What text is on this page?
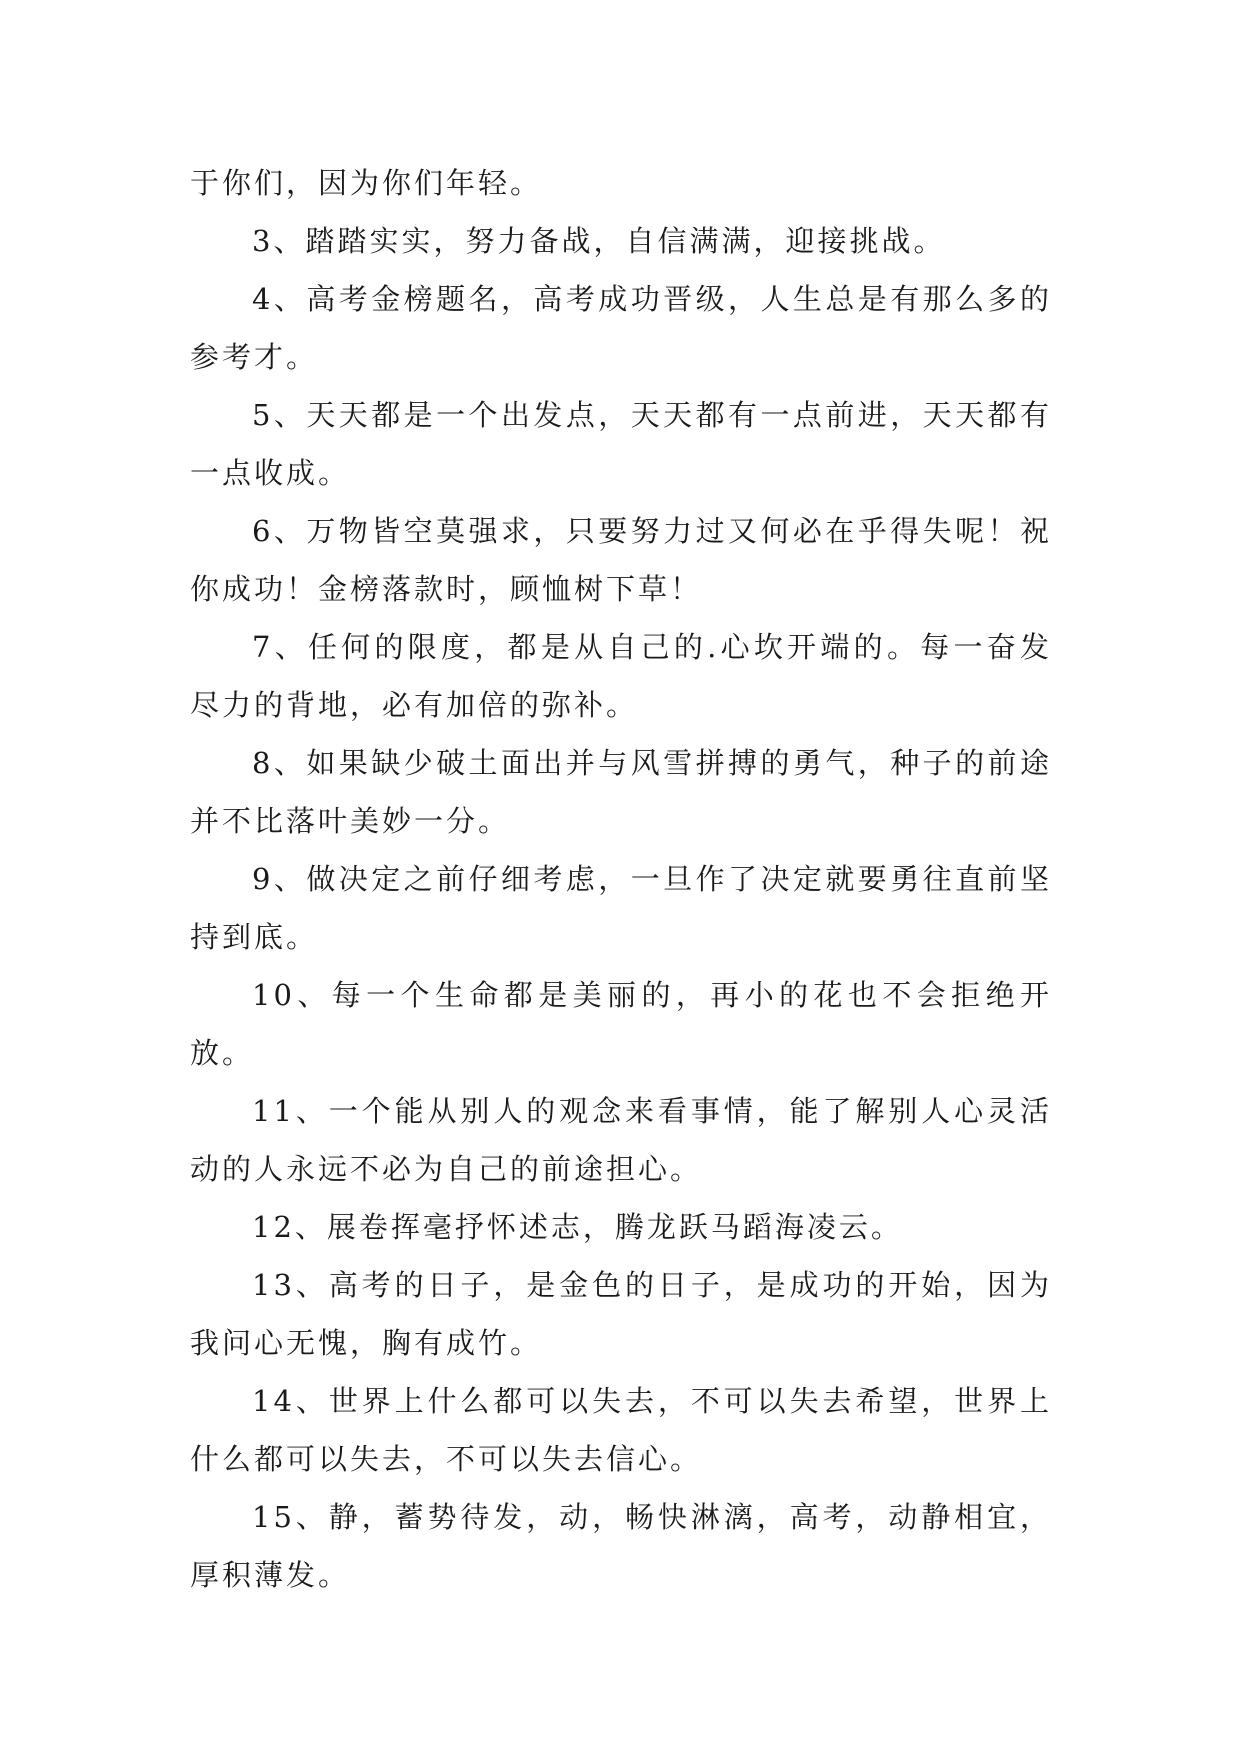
于你们，因为你们年轻。

3、踏踏实实，努力备战，自信满满，迎接挑战。

4、高考金榜题名，高考成功晋级，人生总是有那么多的参考才。

5、天天都是一个出发点，天天都有一点前进，天天都有一点收成。

6、万物皆空莫强求，只要努力过又何必在乎得失呢！祝你成功！金榜落款时，顾恤树下草！

7、任何的限度，都是从自己的.心坎开端的。每一奋发尽力的背地，必有加倍的弥补。

8、如果缺少破土面出并与风雪拼搏的勇气，种子的前途并不比落叶美妙一分。

9、做决定之前仔细考虑，一旦作了决定就要勇往直前坚持到底。

10、每一个生命都是美丽的，再小的花也不会拒绝开放。

11、一个能从别人的观念来看事情，能了解别人心灵活动的人永远不必为自己的前途担心。

12、展卷挥毫抒怀述志，腾龙跃马蹈海凌云。

13、高考的日子，是金色的日子，是成功的开始，因为我问心无愧，胸有成竹。

14、世界上什么都可以失去，不可以失去希望，世界上什么都可以失去，不可以失去信心。

15、静，蓄势待发，动，畅快淋漓，高考，动静相宜，厚积薄发。
